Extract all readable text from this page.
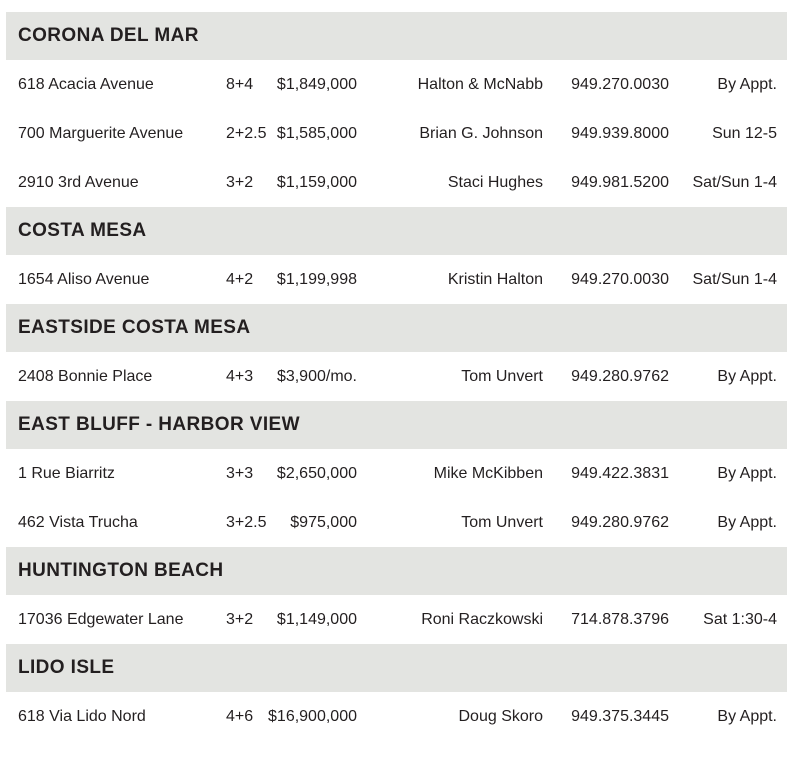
CORONA DEL MAR
618 Acacia Avenue	8+4 $1,849,000	Halton & McNabb 949.270.0030	By Appt.
700 Marguerite Avenue	2+2.5 $1,585,000	Brian G. Johnson 949.939.8000	Sun 12-5
2910 3rd Avenue	3+2 $1,159,000	Staci Hughes 949.981.5200 Sat/Sun 1-4
COSTA MESA
1654 Aliso Avenue	4+2 $1,199,998	Kristin Halton 949.270.0030 Sat/Sun 1-4
EASTSIDE COSTA MESA
2408 Bonnie Place	4+3 $3,900/mo.	Tom Unvert 949.280.9762	By Appt.
EAST BLUFF - HARBOR VIEW
1 Rue Biarritz	3+3 $2,650,000	Mike McKibben 949.422.3831	By Appt.
462 Vista Trucha	3+2.5 $975,000	Tom Unvert 949.280.9762	By Appt.
HUNTINGTON BEACH
17036 Edgewater Lane	3+2 $1,149,000	Roni Raczkowski 714.878.3796 Sat 1:30-4
LIDO ISLE
618 Via Lido Nord	4+6 $16,900,000	Doug Skoro 949.375.3445	By Appt.
